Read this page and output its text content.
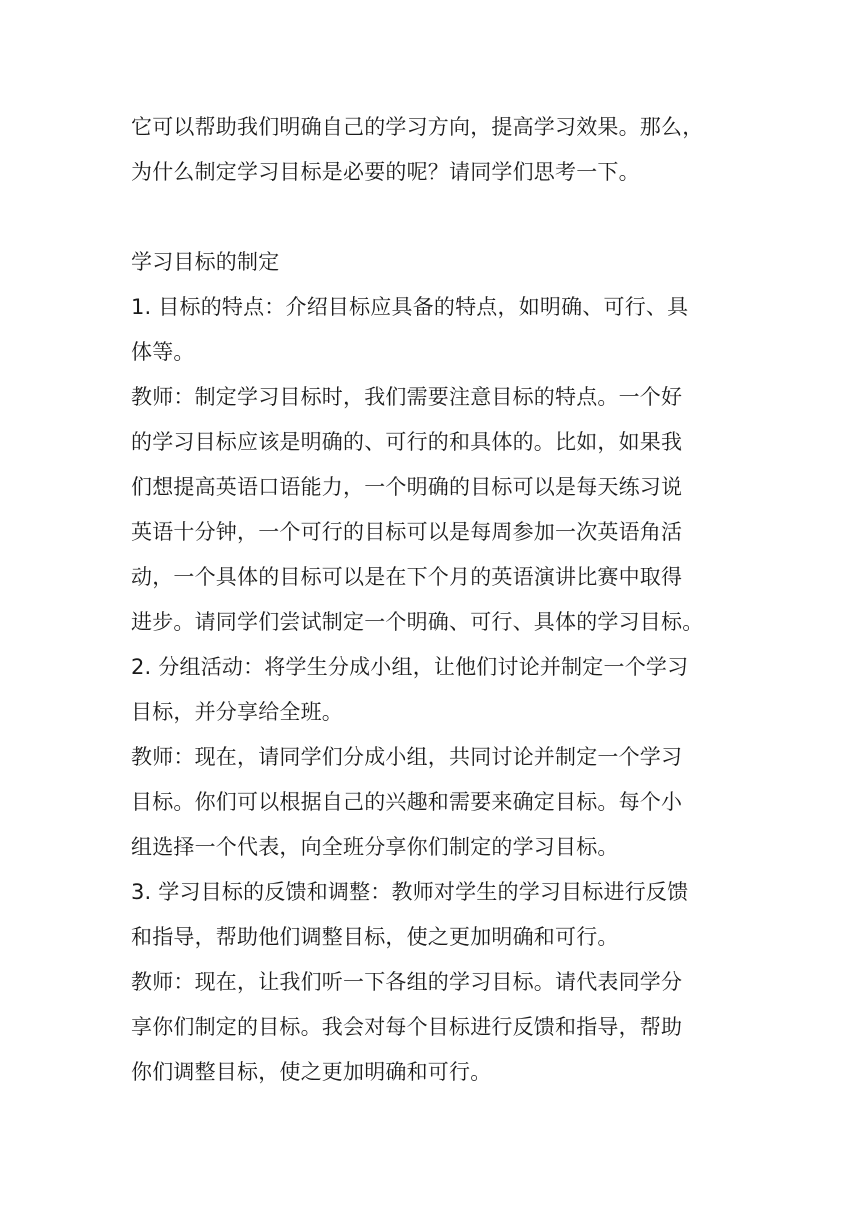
它可以帮助我们明确自己的学习方向，提高学习效果。那么，
为什么制定学习目标是必要的呢？请同学们思考一下。
学习目标的制定
1. 目标的特点：介绍目标应具备的特点，如明确、可行、具
体等。
教师：制定学习目标时，我们需要注意目标的特点。一个好
的学习目标应该是明确的、可行的和具体的。比如，如果我
们想提高英语口语能力，一个明确的目标可以是每天练习说
英语十分钟，一个可行的目标可以是每周参加一次英语角活
动，一个具体的目标可以是在下个月的英语演讲比赛中取得
进步。请同学们尝试制定一个明确、可行、具体的学习目标。
2. 分组活动：将学生分成小组，让他们讨论并制定一个学习
目标，并分享给全班。
教师：现在，请同学们分成小组，共同讨论并制定一个学习
目标。你们可以根据自己的兴趣和需要来确定目标。每个小
组选择一个代表，向全班分享你们制定的学习目标。
3. 学习目标的反馈和调整：教师对学生的学习目标进行反馈
和指导，帮助他们调整目标，使之更加明确和可行。
教师：现在，让我们听一下各组的学习目标。请代表同学分
享你们制定的目标。我会对每个目标进行反馈和指导，帮助
你们调整目标，使之更加明确和可行。
